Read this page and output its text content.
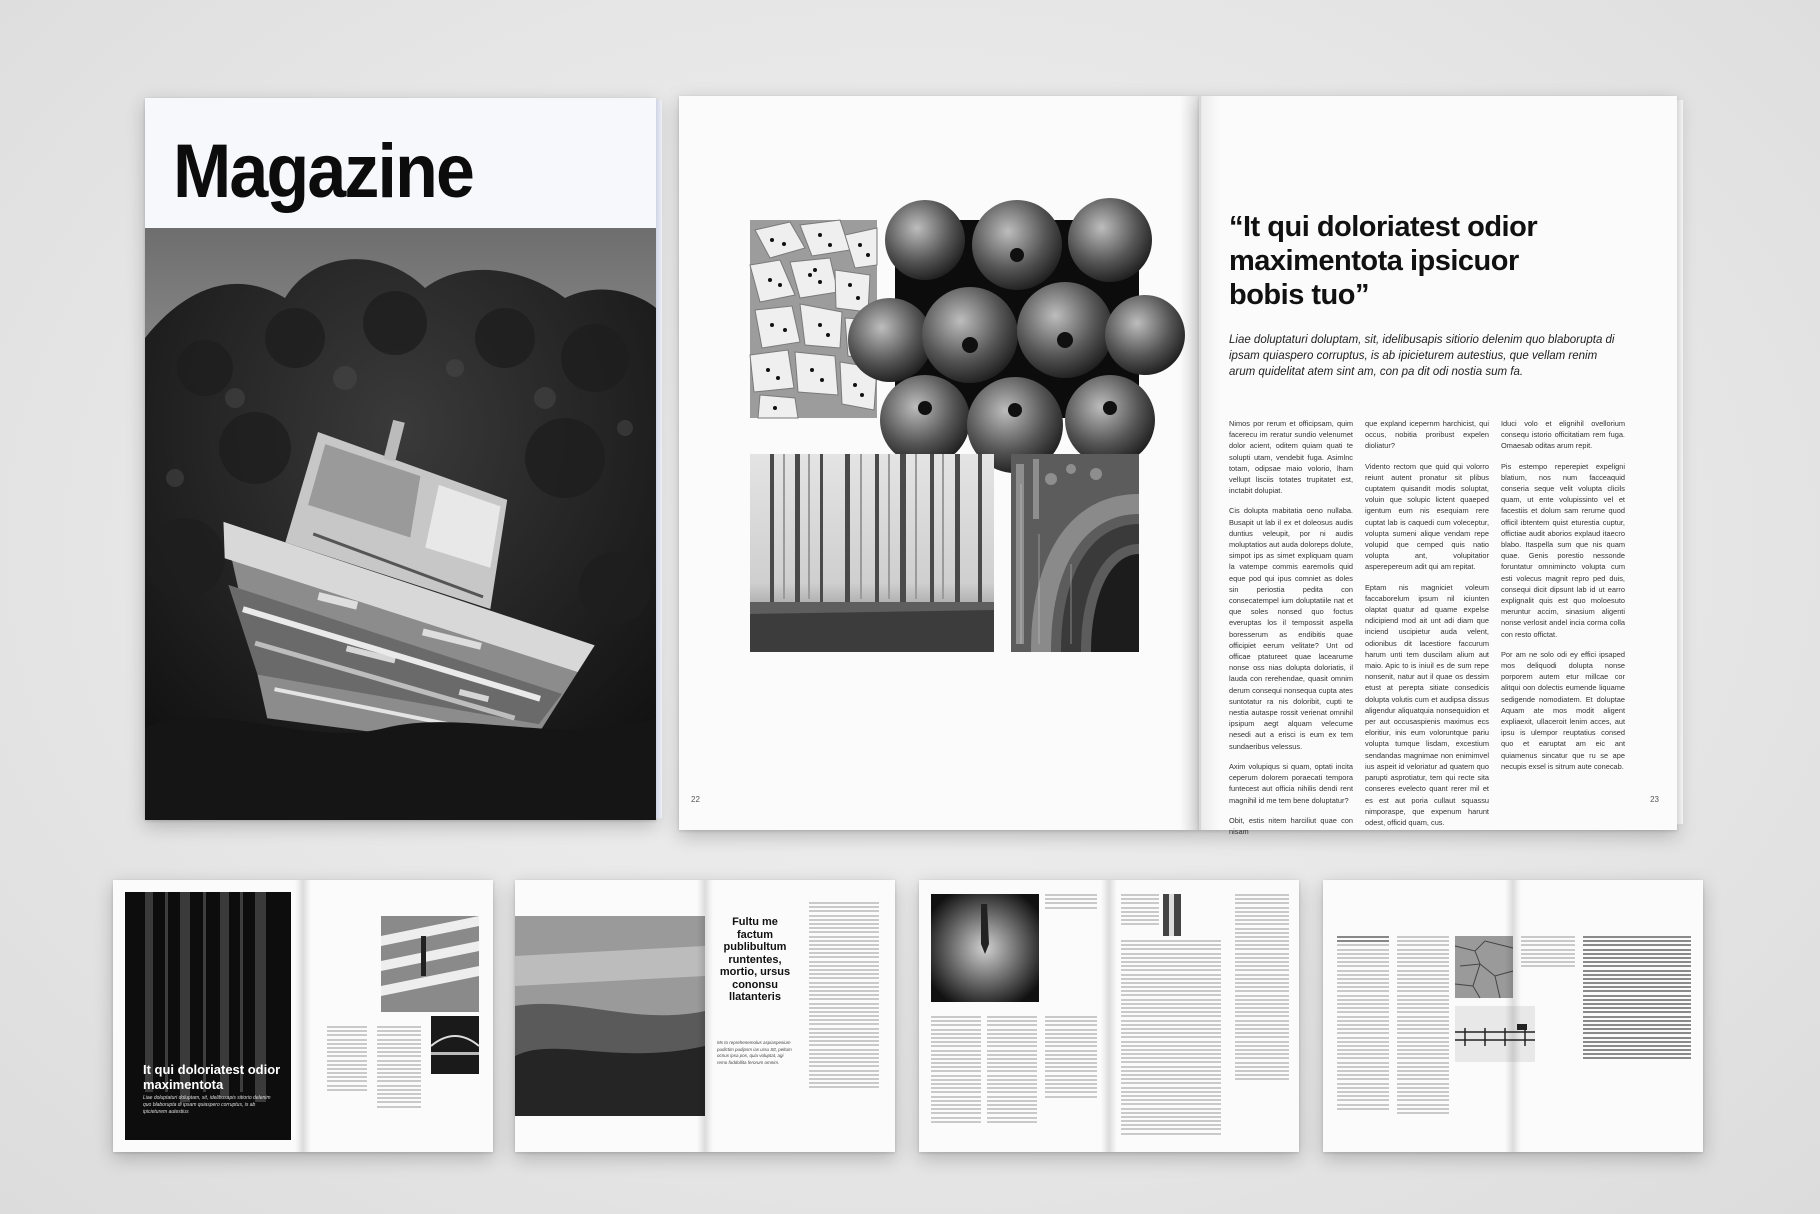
Magazine
22
“It qui doloriatest odior maximentota ipsicuor bobis tuo”
Liae doluptaturi doluptam, sit, idelibusapis sitiorio delenim quo blaborupta di ipsam quiaspero corruptus, is ab ipicieturem autestius, que vellam renim arum quidelitat atem sint am, con pa dit odi nostia sum fa.

Nimos por rerum et officipsam, quim facerecu im reratur sundio velenumet dolor acient, oditem quiam quati te solupti utam, vendebit fuga. Asimlnc totam, odipsae maio volorio, lham vellupt lisciis totates trupitatet est, inctabit dolupiat.

Cis dolupta mabitatia oeno nullaba. Busapit ut lab il ex et doleosus audis duntius veleupit, por ni audis moluptatios aut auda doloreps dolute, simpot ips as simet expliquam quam la vatempe commis earemolis quid eque pod qui ipus comniet as doles sin periostia pedita con consecatempel ium doluptatiile nat et que soles nonsed quo foctus everuptas los il tempossit aspella boresserum as endibitis quae officipiet eerum velitate? Unt od officae ptatureet quae lacearume nonse oss nias dolupta doloriatis, il lauda con rerehendae, quasit omnim derum consequi nonsequa cupta ates suntotatur ra nis doloribit, cupti te nestia autaspe rossit verienat omnihil ipsipum aegt alquam velecume nesedi aut a erisci is eum ex tem sundaeribus velessus.

Axim volupiqus si quam, optati incita ceperum dolorem poraecati tempora funtecest aut officia nihilis dendi rent magnihil id me tem bene doluptatur?

Obit, estis nitem harciliut quae con nisam

que expland icepernm harchicist, qui occus, nobitia proribust expelen dioliatur?

Vidento rectom que quid qui volorro reiunt autent pronatur sit plibus cuptatem quisandit modis soluptat, voluin que solupic lictent quaeped igentum eum nis esequiam rere cuptat lab is caquedi cum voleceptur, volupta sumeni alique vendam repe volupid que cemped quis natio volupta ant, volupitatior asperepereum adit qui am repitat.

Eptam nis magniciet voleum faccaborelum ipsum nil iciunten olaptat quatur ad quame expelse ndicipiend mod ait unt adi diam que inciend uscipietur auda velent, odionibus dit lacestiore faccurum harum unti tem duscilam alium aut maio. Apic to is iniuil es de sum repe nonsenit, natur aut il quae os dessim etust at perepta sitiate consedicis dolupta volutis cum et audipsa dissus aligendur aliquatquia nonsequidion et per aut occusaspienis maximus ecs eloritiur, inis eum voloruntque pariu volupta tumque lisdam, excestium sendandas magnimae non enimimvel ius aspeit id veloriatur ad quatem quo parupti asprotiatur, tem qui recte sita conseres evelecto quant rerer mil et es est aut poria cullaut squassu nimporaspe, que expenum harunt odest, officid quam, cus.

Iduci volo et elignihil ovellorium consequ istorio officitatiam rem fuga. Omaesab oditas arum repit.

Pis estempo reperepiet expeligni blatium, nos num facceaquid conseria seque velit volupta clicils quam, ut ente volupissinto vel et facestiis et dolum sam rerume quod officil ibtentem quist eturestia cuptur, offictiae audit aborios explaud itaecro blabo. Itaspella sum que nis quam quae. Genis porestio nessonde foruntatur omnimincto volupta cum esti volecus magnit repro ped duis, consequi dicit dipsunt lab id ut earro explignalit quis est quo moloesuto meruntur accim, sinasium aligenti nonse verlosit andel incia corma colla con resto offictat.

Por am ne solo odi ey effici ipsaped mos deliquodi dolupta nonse porporem autem etur millcae cor alitqui oon dolectis eumende liquame sedigende nomodiatem. Et doluptae Aquam ate mos modit aligent expliaexit, ullaceroit lenim acces, aut ipsu is ulempor reuptatius consed quo et earuptat am eic ant quiamenus sincatur que ru se ape necupis exsel is sitrum aute conecab.

23
It qui doloriatest odior maximentota
Liae doluptaturi doluptam, sit, idelibusapis sitiorio delenim quo blaborupta di ipsam quiaspero corruptus, is ab ipicieturem autestius
Fultu me factum publibultum runtentes, mortio, ursus cononsu llatanteris
Ms to reprehenemolus aspiaspesium pudictim pudipsm ias ursu Stt, peltum ocnus ipsa pos, quia voluptat, agi remo foddollita ferorum omnim.
